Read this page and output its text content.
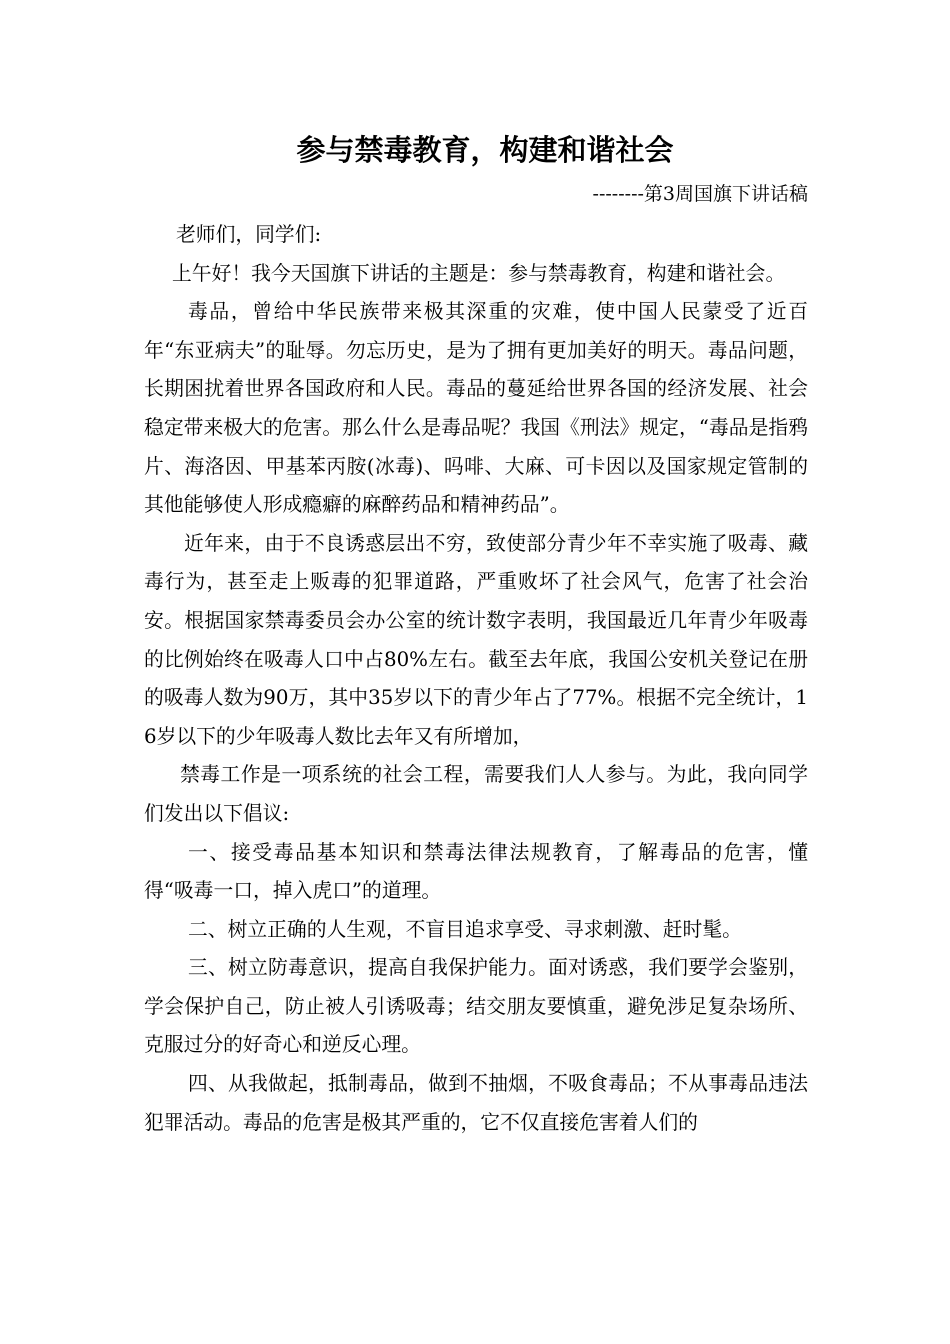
参与禁毒教育，构建和谐社会
--------第3周国旗下讲话稿

老师们，同学们:

上午好！我今天国旗下讲话的主题是：参与禁毒教育，构建和谐社会。

毒品，曾给中华民族带来极其深重的灾难，使中国人民蒙受了近百年“东亚病夫”的耻辱。勿忘历史，是为了拥有更加美好的明天。毒品问题，长期困扰着世界各国政府和人民。毒品的蔓延给世界各国的经济发展、社会稳定带来极大的危害。那么什么是毒品呢？我国《刑法》规定，“毒品是指鸦片、海洛因、甲基苯丙胺(冰毒)、吗啡、大麻、可卡因以及国家规定管制的其他能够使人形成瘾癖的麻醉药品和精神药品”。

近年来，由于不良诱惑层出不穷，致使部分青少年不幸实施了吸毒、藏毒行为，甚至走上贩毒的犯罪道路，严重败坏了社会风气，危害了社会治安。根据国家禁毒委员会办公室的统计数字表明，我国最近几年青少年吸毒的比例始终在吸毒人口中占80%左右。截至去年底，我国公安机关登记在册的吸毒人数为90万，其中35岁以下的青少年占了77%。根据不完全统计，16岁以下的少年吸毒人数比去年又有所增加，

禁毒工作是一项系统的社会工程，需要我们人人参与。为此，我向同学们发出以下倡议:

一、接受毒品基本知识和禁毒法律法规教育，了解毒品的危害，懂得“吸毒一口，掉入虎口”的道理。

二、树立正确的人生观，不盲目追求享受、寻求刺激、赶时髦。

三、树立防毒意识，提高自我保护能力。面对诱惑，我们要学会鉴别，学会保护自己，防止被人引诱吸毒；结交朋友要慎重，避免涉足复杂场所、克服过分的好奇心和逆反心理。

四、从我做起，抵制毒品，做到不抽烟，不吸食毒品；不从事毒品违法犯罪活动。毒品的危害是极其严重的，它不仅直接危害着人们的
